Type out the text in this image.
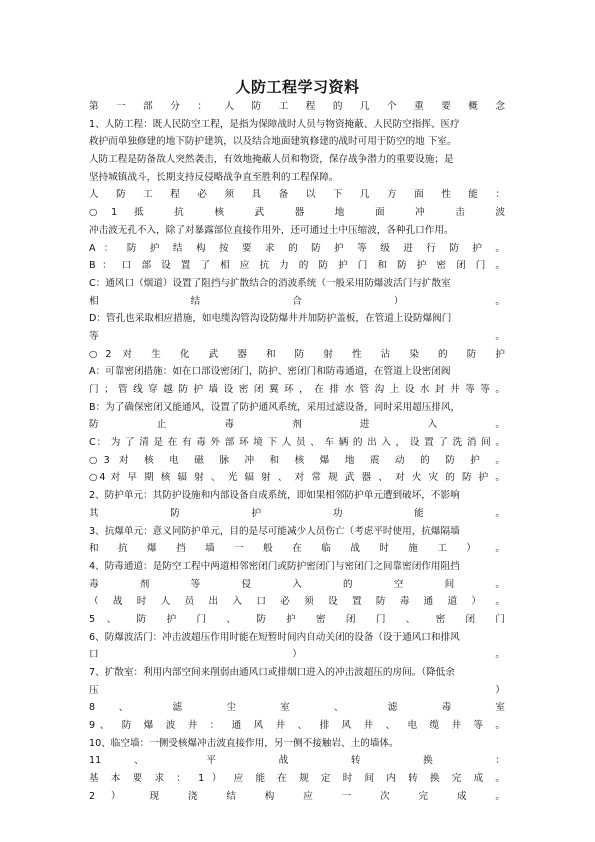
人防工程学习资料
第 一 部 分 ： 人 防 工 程 的 几 个 重 要 概 念
1、人防工程：既人民防空工程，是指为保障战时人员与物资掩蔽、人民防空指挥、医疗
救护而单独修建的地下防护建筑，以及结合地面建筑修建的战时可用于防空的地 下室。
人防工程是防备敌人突然袭击，有效地掩蔽人员和物资，保存战争潜力的重要设施；是
坚持城镇战斗，长期支持反侵略战争直至胜利的工程保障。
人 防 工 程 必 须 具 备 以 下 几 方 面 性 能 ：
○1 抵 抗 核 武 器 地 面 冲 击 波
冲击波无孔不入，除了对暴露部位直接作用外，还可通过土中压缩波，各种孔口作用。
A ： 防 护 结 构 按 要 求 的 防 护 等 级 进 行 防 护 。
B ： 口 部 设 置 了 相 应 抗 力 的 防 护 门 和 防 护 密 闭 门 。
C：通风口（烟道）设置了阻挡与扩散结合的消波系统（一般采用防爆波活门与扩散室
相 结 合 ） 。
D：管孔也采取相应措施，如电缆沟管沟设防爆井并加防护盖板，在管道上设防爆阀门
等 。
○2 对 生 化 武 器 和 防 射 性 沾 染 的 防 护
A：可靠密闭措施：如在口部设密闭门，防护、密闭门和防毒通道，在管道上设密闭阀
门 ； 管 线 穿 越 防 护 墙 设 密 闭 翼 环 ， 在 排 水 管 沟 上 设 水 封 井 等 等 。
B：为了确保密闭又能通风，设置了防护通风系统，采用过滤设备，同时采用超压排风，
防 止 毒 剂 进 入 。
C： 为 了 清 是 在 有 毒 外 部 环 境 下 人 员 、 车 辆 的 出 入 ， 设 置 了 洗 消 间 。
○3 对 核 电 磁 脉 冲 和 核 爆 地 震 动 的 防 护 。
○4 对 早 期 核 辐 射 、 光 辐 射 、 对 常 规 武 器 、 对 火 灾 的 防 护 。
2、防护单元：其防护设施和内部设备自成系统，即如果相邻防护单元遭到破坏，不影响
其 防 护 功 能 。
3、抗爆单元：意义同防护单元，目的是尽可能减少人员伤亡（考虑平时使用，抗爆隔墙
和 抗 爆 挡 墙 一 般 在 临 战 时 施 工 ） 。
4、防毒通道：是防空工程中两道相邻密闭门或防护密闭门与密闭门之间靠密闭作用阻挡
毒 剂 等 侵 入 的 空 间 。
（ 战 时 人 员 出 入 口 必 须 设 置 防 毒 通 道 ） 。
5 、 防 护 门 、 防 护 密 闭 门 、 密 闭 门
6、防爆波活门：冲击波超压作用时能在短暂时间内自动关闭的设备（设于通风口和排风
口 ） 。
7、扩散室：利用内部空间来削弱由通风口或排烟口进入的冲击波超压的房间。（降低余
压 ）
8 、 滤 尘 室 、 滤 毒 室
9、 防 爆 波 井 ： 通 风 井 、 排 风 井 、 电 缆 井 等 。
10、临空墙：一侧受核爆冲击波直接作用，另一侧不接触岩、土的墙体。
11 、 平 战 转 换 ：
基 本 要 求 ： 1 ） 应 能 在 规 定 时 间 内 转 换 完 成 。
2 ） 现 浇 结 构 应 一 次 完 成 。
